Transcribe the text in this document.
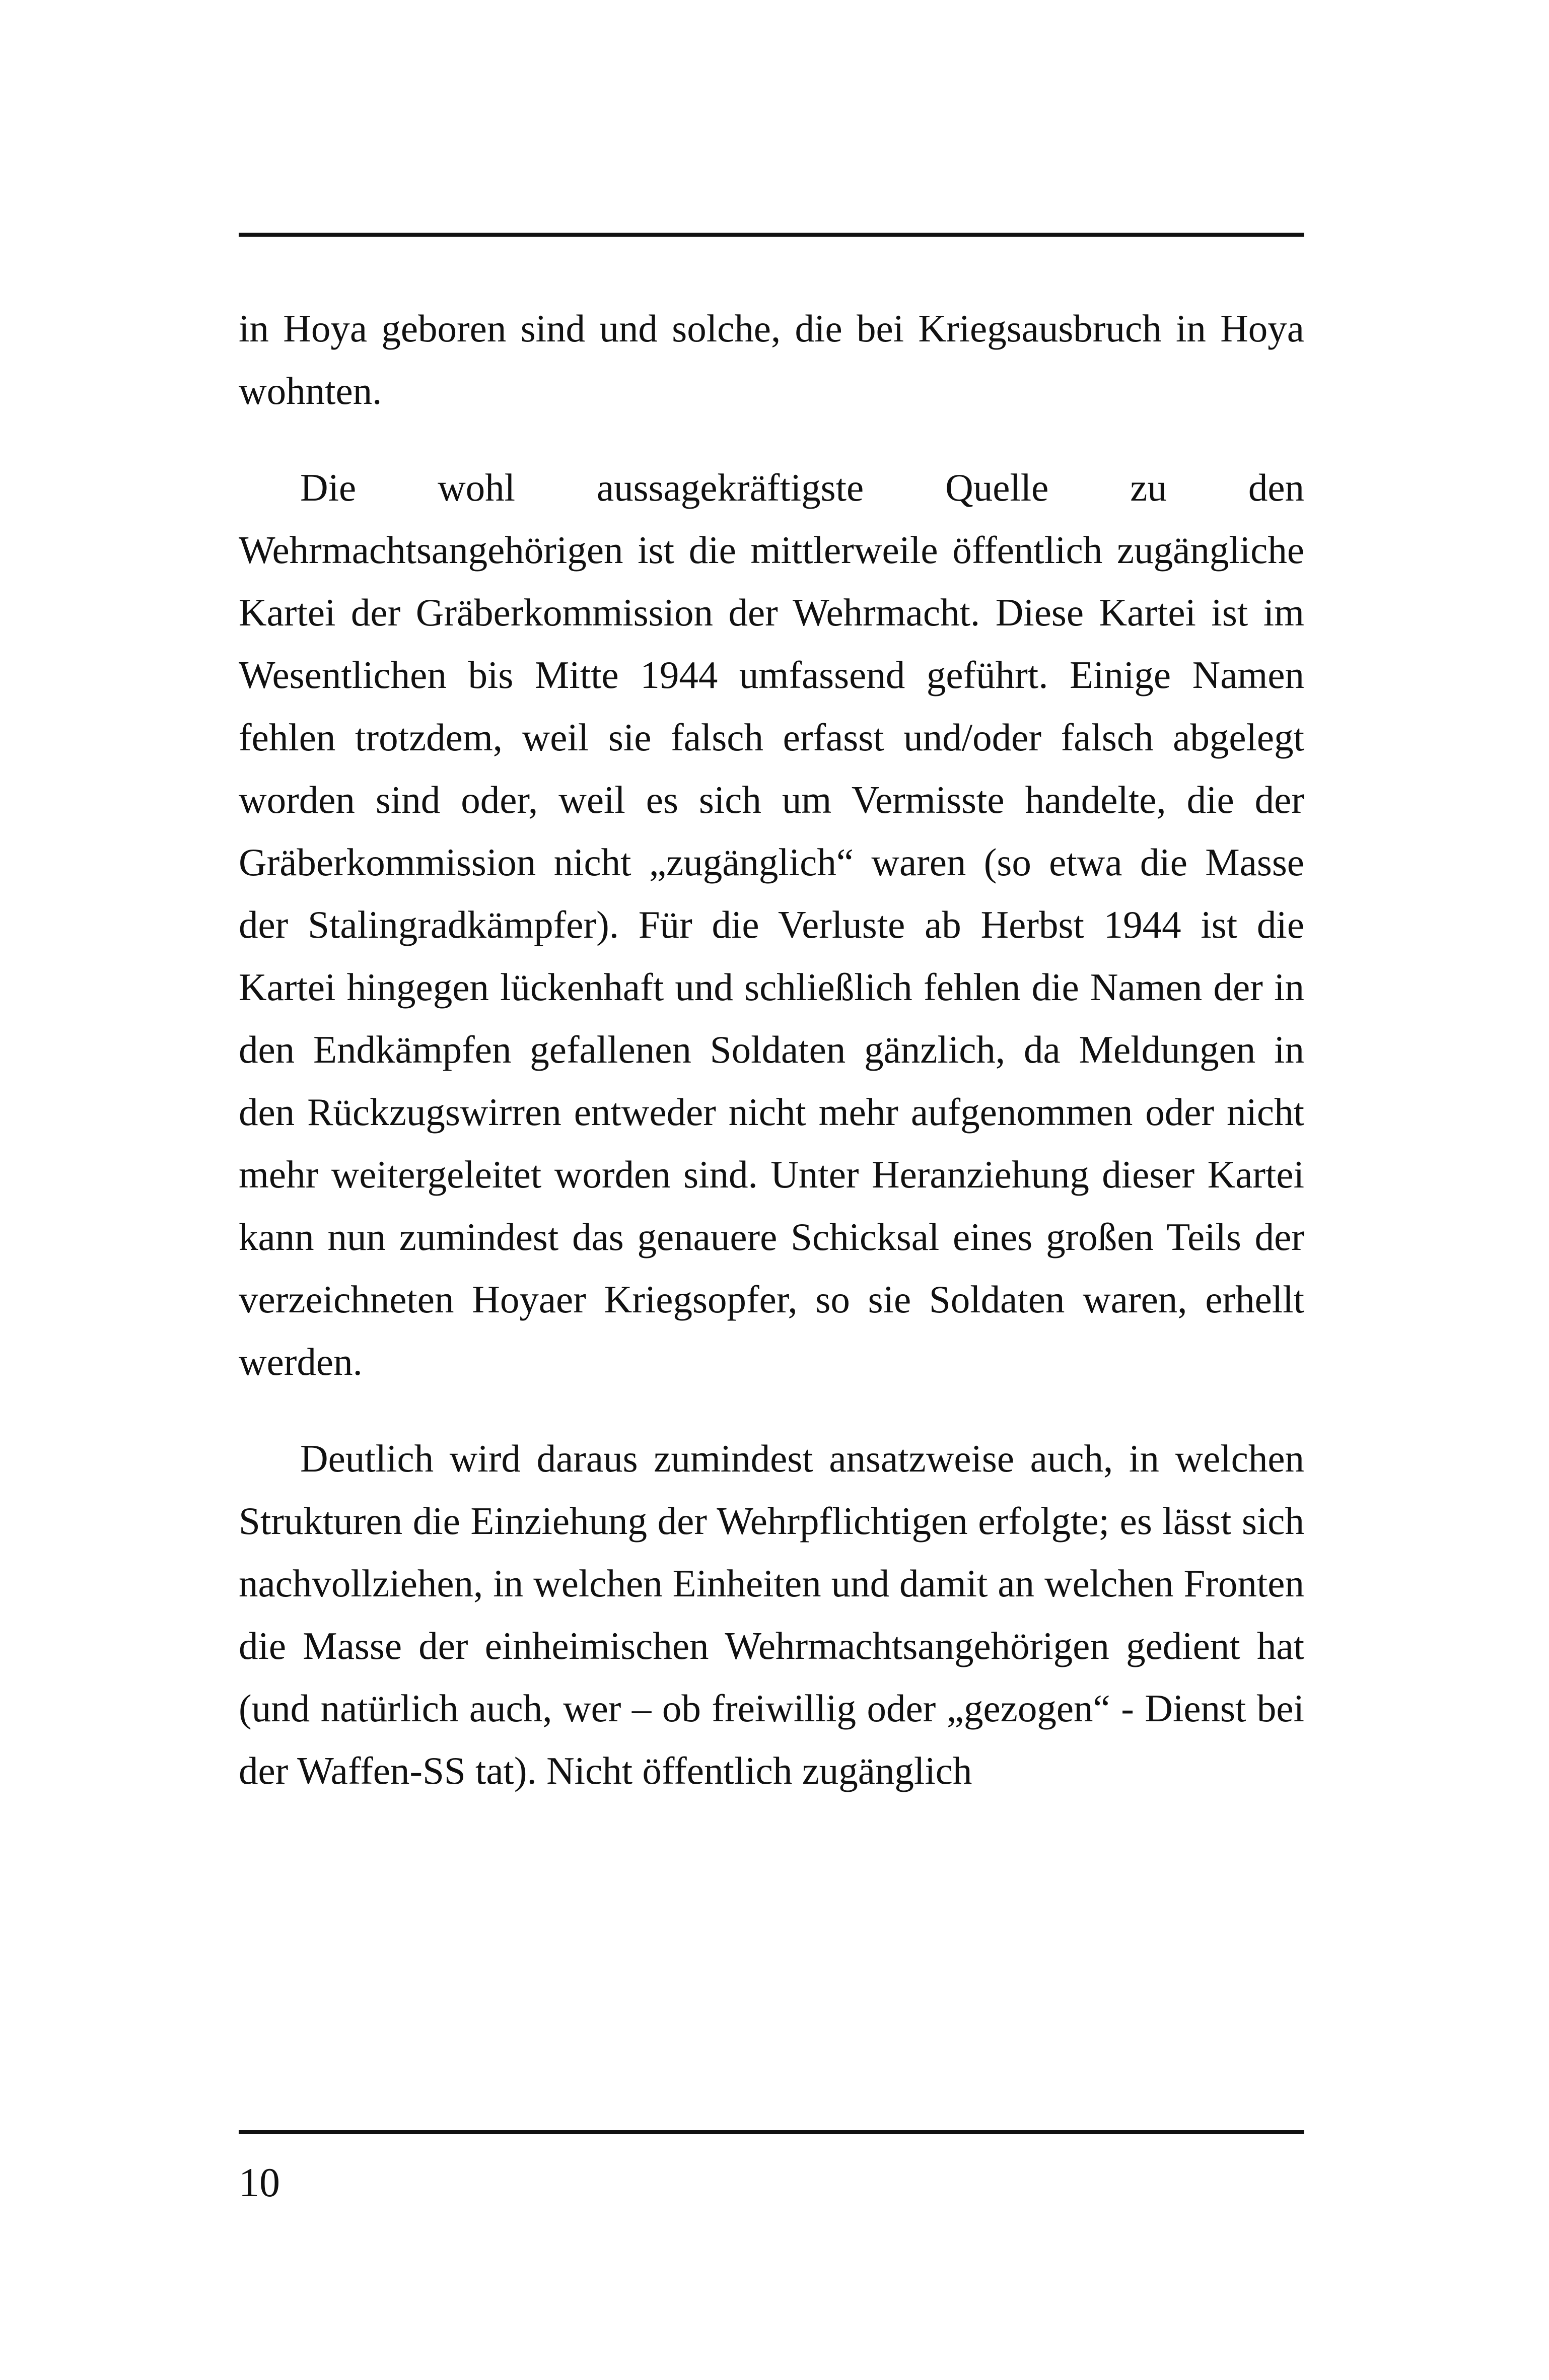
in Hoya geboren sind und solche, die bei Kriegsausbruch in Hoya wohnten.

Die wohl aussagekräftigste Quelle zu den Wehrmachtsangehörigen ist die mittlerweile öffentlich zugängliche Kartei der Gräberkommission der Wehrmacht. Diese Kartei ist im Wesentlichen bis Mitte 1944 umfassend geführt. Einige Namen fehlen trotzdem, weil sie falsch erfasst und/oder falsch abgelegt worden sind oder, weil es sich um Vermisste handelte, die der Gräberkommission nicht „zugänglich“ waren (so etwa die Masse der Stalingradkämpfer). Für die Verluste ab Herbst 1944 ist die Kartei hingegen lückenhaft und schließlich fehlen die Namen der in den Endkämpfen gefallenen Soldaten gänzlich, da Meldungen in den Rückzugswirren entweder nicht mehr aufgenommen oder nicht mehr weitergeleitet worden sind. Unter Heranziehung dieser Kartei kann nun zumindest das genauere Schicksal eines großen Teils der verzeichneten Hoyaer Kriegsopfer, so sie Soldaten waren, erhellt werden.

Deutlich wird daraus zumindest ansatzweise auch, in welchen Strukturen die Einziehung der Wehrpflichtigen erfolgte; es lässt sich nachvollziehen, in welchen Einheiten und damit an welchen Fronten die Masse der einheimischen Wehrmachtsangehörigen gedient hat (und natürlich auch, wer – ob freiwillig oder „gezogen“ - Dienst bei der Waffen-SS tat). Nicht öffentlich zugänglich

10
